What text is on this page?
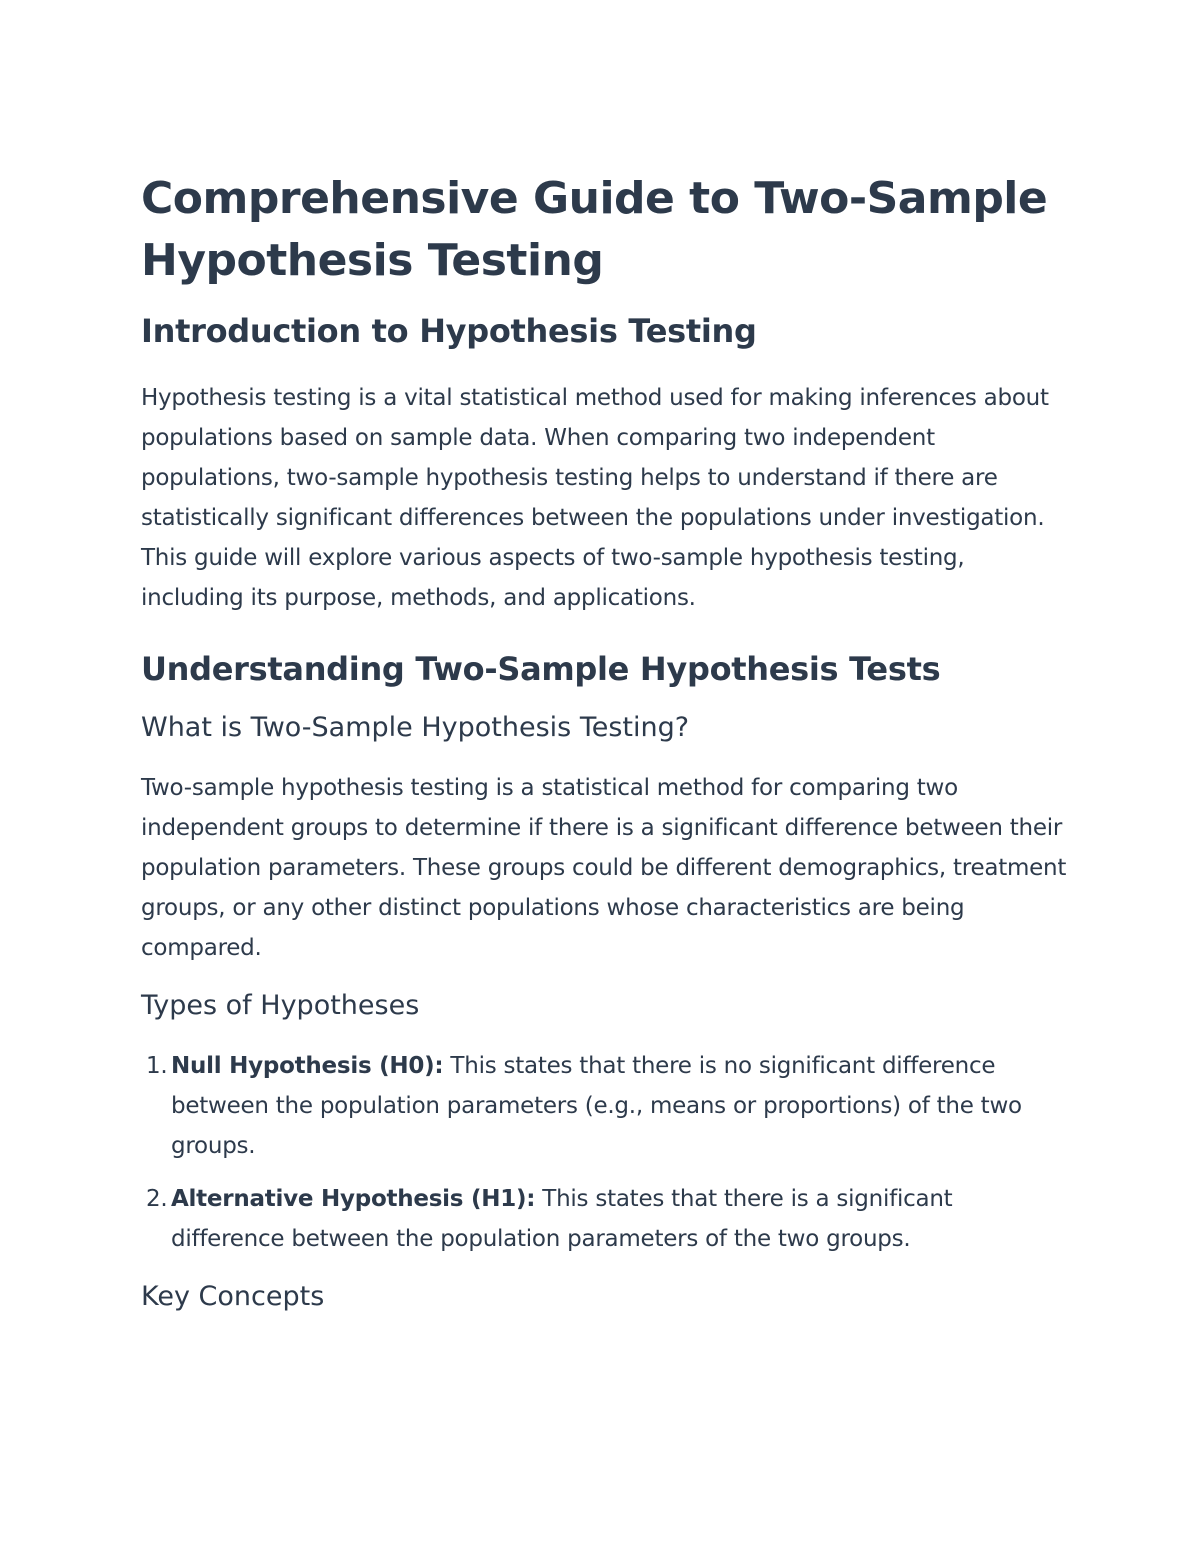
Comprehensive Guide to Two-Sample Hypothesis Testing
Introduction to Hypothesis Testing

Hypothesis testing is a vital statistical method used for making inferences about populations based on sample data. When comparing two independent populations, two-sample hypothesis testing helps to understand if there are statistically significant differences between the populations under investigation. This guide will explore various aspects of two-sample hypothesis testing, including its purpose, methods, and applications.

Understanding Two-Sample Hypothesis Tests
What is Two-Sample Hypothesis Testing?

Two-sample hypothesis testing is a statistical method for comparing two independent groups to determine if there is a significant difference between their population parameters. These groups could be different demographics, treatment groups, or any other distinct populations whose characteristics are being compared.

Types of Hypotheses
1. Null Hypothesis (H0): This states that there is no significant difference between the population parameters (e.g., means or proportions) of the two groups.
2. Alternative Hypothesis (H1): This states that there is a significant difference between the population parameters of the two groups.
Key Concepts
